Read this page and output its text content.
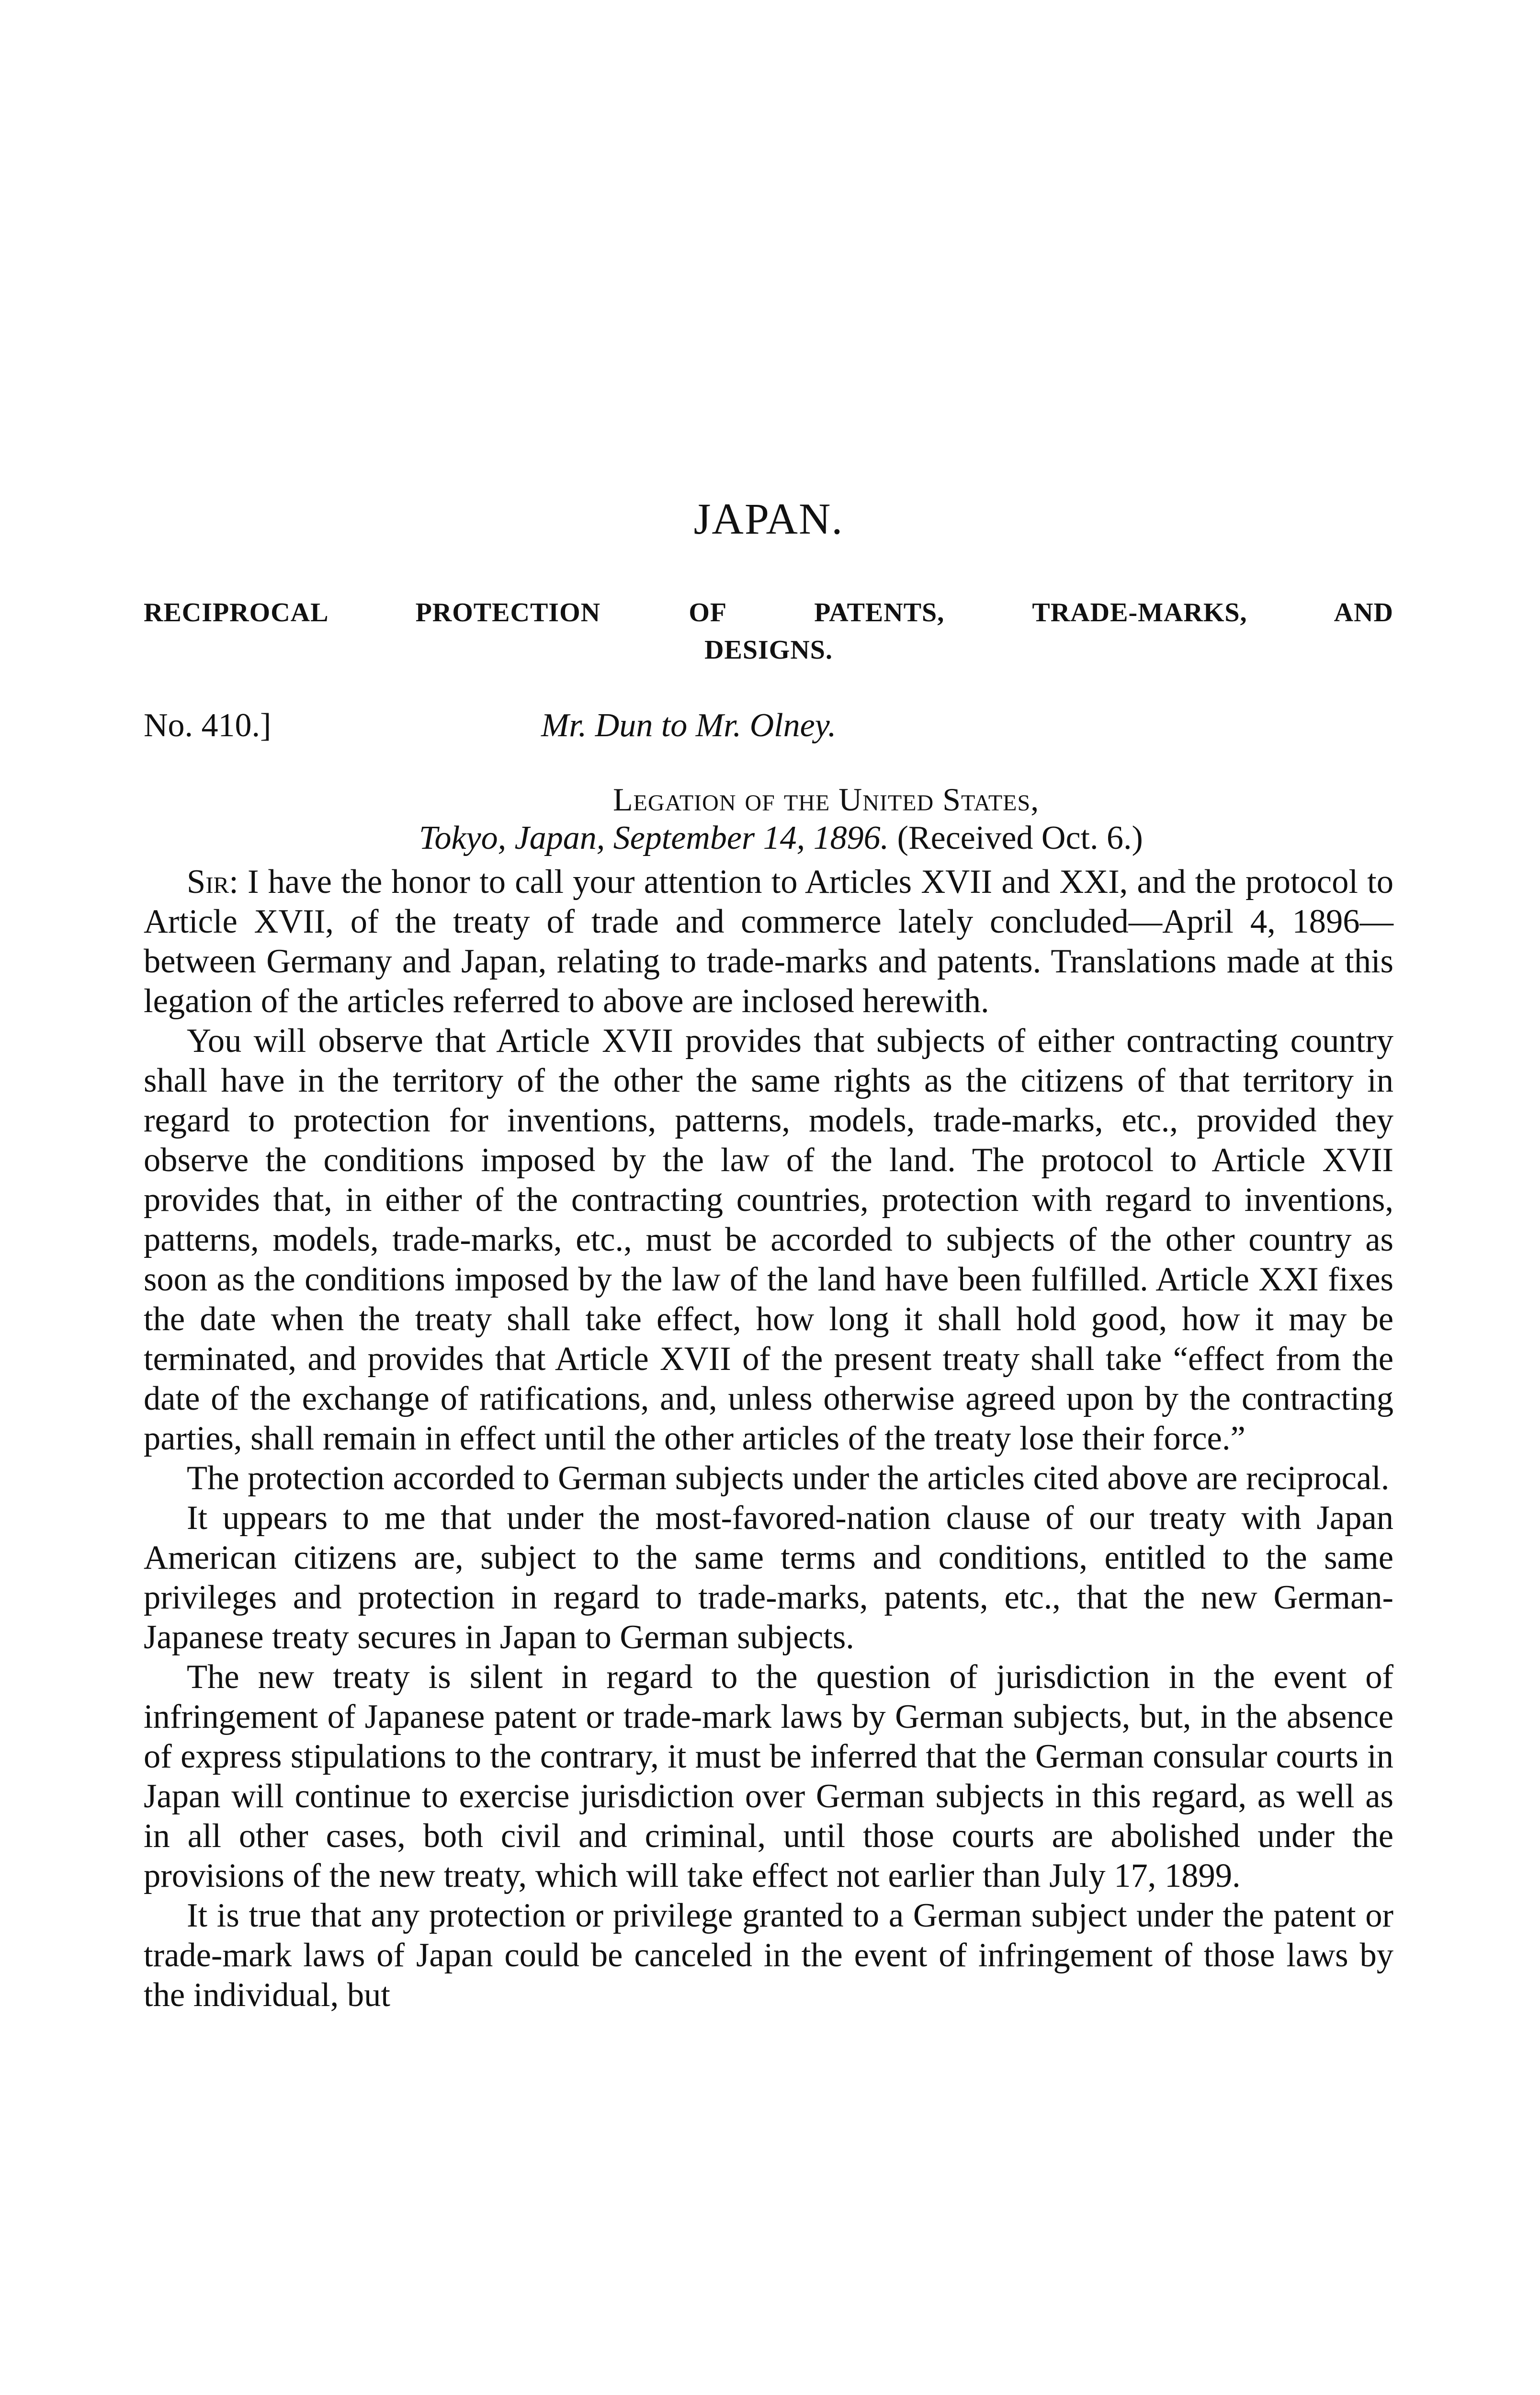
JAPAN.
RECIPROCAL PROTECTION OF PATENTS, TRADE-MARKS, AND
DESIGNS.
No. 410.]	Mr. Dun to Mr. Olney.
Legation of the United States,
Tokyo, Japan, September 14, 1896. (Received Oct. 6.)

Sir: I have the honor to call your attention to Articles XVII and XXI, and the protocol to Article XVII, of the treaty of trade and commerce lately concluded—April 4, 1896—between Germany and Japan, relating to trade-marks and patents. Translations made at this legation of the articles referred to above are inclosed herewith.

You will observe that Article XVII provides that subjects of either contracting country shall have in the territory of the other the same rights as the citizens of that territory in regard to protection for inventions, patterns, models, trade-marks, etc., provided they observe the conditions imposed by the law of the land. The protocol to Article XVII provides that, in either of the contracting countries, protection with regard to inventions, patterns, models, trade-marks, etc., must be accorded to subjects of the other country as soon as the conditions imposed by the law of the land have been fulfilled. Article XXI fixes the date when the treaty shall take effect, how long it shall hold good, how it may be terminated, and provides that Article XVII of the present treaty shall take “effect from the date of the exchange of ratifications, and, unless otherwise agreed upon by the contracting parties, shall remain in effect until the other articles of the treaty lose their force.”

The protection accorded to German subjects under the articles cited above are reciprocal.

It uppears to me that under the most-favored-nation clause of our treaty with Japan American citizens are, subject to the same terms and conditions, entitled to the same privileges and protection in regard to trade-marks, patents, etc., that the new German-Japanese treaty secures in Japan to German subjects.

The new treaty is silent in regard to the question of jurisdiction in the event of infringement of Japanese patent or trade-mark laws by German subjects, but, in the absence of express stipulations to the contrary, it must be inferred that the German consular courts in Japan will continue to exercise jurisdiction over German subjects in this regard, as well as in all other cases, both civil and criminal, until those courts are abolished under the provisions of the new treaty, which will take effect not earlier than July 17, 1899.

It is true that any protection or privilege granted to a German subject under the patent or trade-mark laws of Japan could be canceled in the event of infringement of those laws by the individual, but
